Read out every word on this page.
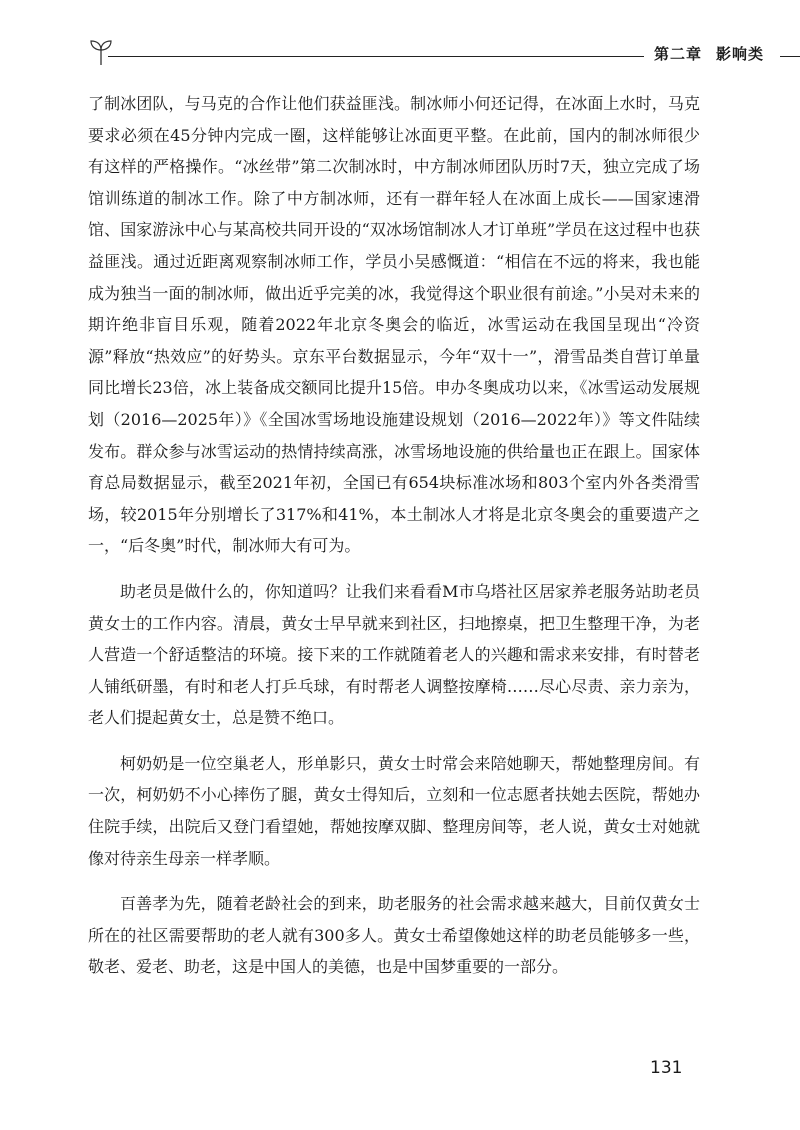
第二章 影响类

了制冰团队，与马克的合作让他们获益匪浅。制冰师小何还记得，在冰面上水时，马克要求必须在45分钟内完成一圈，这样能够让冰面更平整。在此前，国内的制冰师很少有这样的严格操作。“冰丝带”第二次制冰时，中方制冰师团队历时7天，独立完成了场馆训练道的制冰工作。除了中方制冰师，还有一群年轻人在冰面上成长——国家速滑馆、国家游泳中心与某高校共同开设的“双冰场馆制冰人才订单班”学员在这过程中也获益匪浅。通过近距离观察制冰师工作，学员小吴感慨道：“相信在不远的将来，我也能成为独当一面的制冰师，做出近乎完美的冰，我觉得这个职业很有前途。”小吴对未来的期许绝非盲目乐观，随着2022年北京冬奥会的临近，冰雪运动在我国呈现出“冷资源”释放“热效应”的好势头。京东平台数据显示，今年“双十一”，滑雪品类自营订单量同比增长23倍，冰上装备成交额同比提升15倍。申办冬奥成功以来，《冰雪运动发展规划（2016—2025年）》《全国冰雪场地设施建设规划（2016—2022年）》等文件陆续发布。群众参与冰雪运动的热情持续高涨，冰雪场地设施的供给量也正在跟上。国家体育总局数据显示，截至2021年初，全国已有654块标准冰场和803个室内外各类滑雪场，较2015年分别增长了317%和41%，本土制冰人才将是北京冬奥会的重要遗产之一，“后冬奥”时代，制冰师大有可为。

助老员是做什么的，你知道吗？让我们来看看M市乌塔社区居家养老服务站助老员黄女士的工作内容。清晨，黄女士早早就来到社区，扫地擦桌，把卫生整理干净，为老人营造一个舒适整洁的环境。接下来的工作就随着老人的兴趣和需求来安排，有时替老人铺纸研墨，有时和老人打乒乓球，有时帮老人调整按摩椅……尽心尽责、亲力亲为，老人们提起黄女士，总是赞不绝口。

柯奶奶是一位空巢老人，形单影只，黄女士时常会来陪她聊天，帮她整理房间。有一次，柯奶奶不小心摔伤了腿，黄女士得知后，立刻和一位志愿者扶她去医院，帮她办住院手续，出院后又登门看望她，帮她按摩双脚、整理房间等，老人说，黄女士对她就像对待亲生母亲一样孝顺。

百善孝为先，随着老龄社会的到来，助老服务的社会需求越来越大，目前仅黄女士所在的社区需要帮助的老人就有300多人。黄女士希望像她这样的助老员能够多一些，敬老、爱老、助老，这是中国人的美德，也是中国梦重要的一部分。

131
